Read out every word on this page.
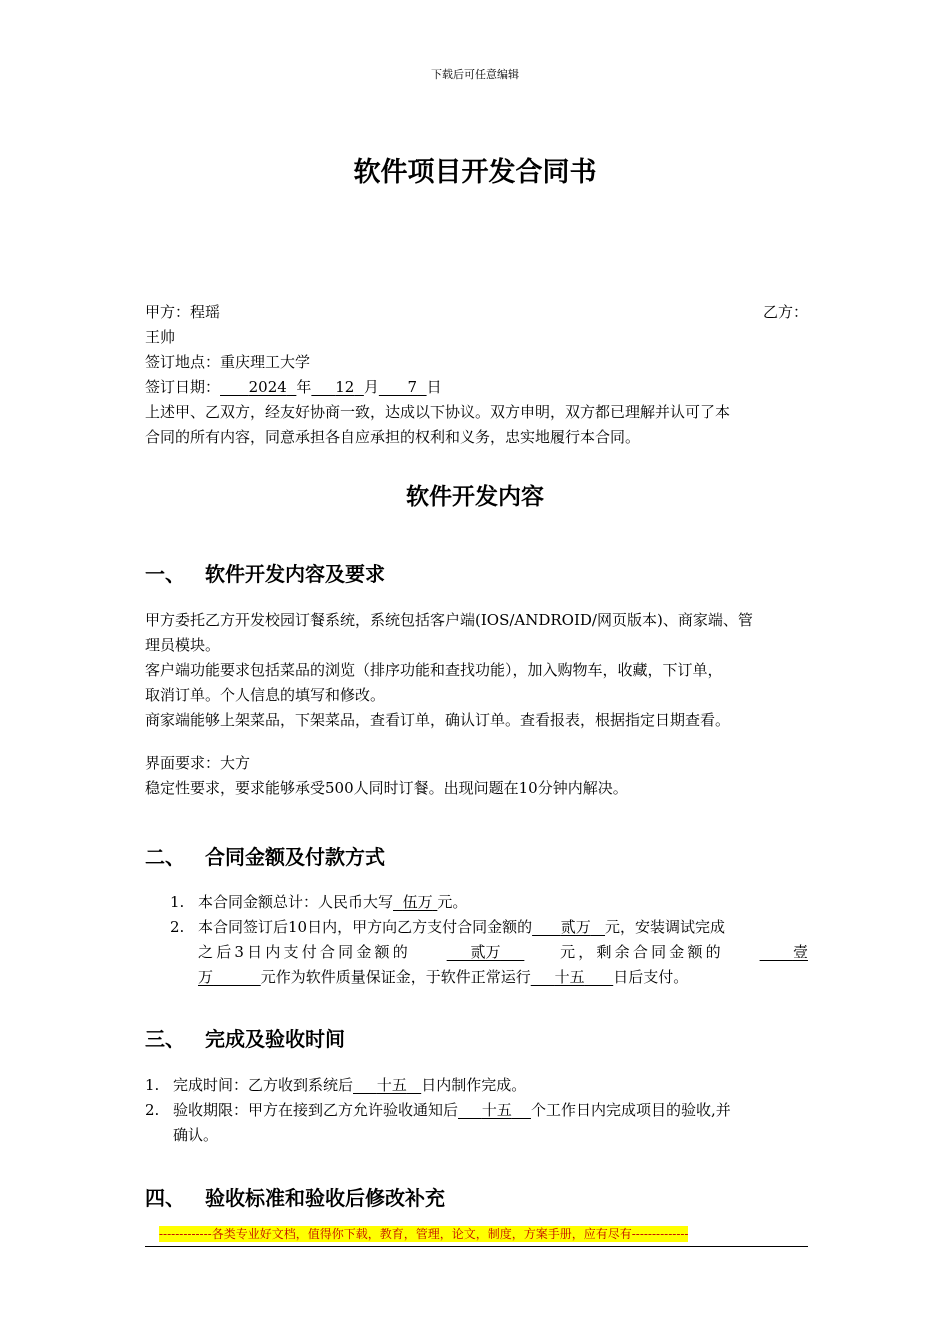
下载后可任意编辑
软件项目开发合同书
甲方：程瑶	乙方：
王帅
签订地点：重庆理工大学
签订日期： 2024 年 12 月 7 日
上述甲、乙双方，经友好协商一致，达成以下协议。双方申明，双方都已理解并认可了本
合同的所有内容，同意承担各自应承担的权利和义务，忠实地履行本合同。
软件开发内容
一、 软件开发内容及要求
甲方委托乙方开发校园订餐系统，系统包括客户端(IOS/ANDROID/网页版本)、商家端、管
理员模块。
客户端功能要求包括菜品的浏览（排序功能和查找功能），加入购物车，收藏，下订单，
取消订单。个人信息的填写和修改。
商家端能够上架菜品，下架菜品，查看订单，确认订单。查看报表，根据指定日期查看。
界面要求：大方
稳定性要求，要求能够承受500人同时订餐。出现问题在10分钟内解决。
二、 合同金额及付款方式
1. 本合同金额总计：人民币大写 伍万 元。
2. 本合同签订后10日内，甲方向乙方支付合同金额的 贰万 元，安装调试完成
之后3日内支付合同金额的	贰万	元，剩余合同金额的	壹
万	元作为软件质量保证金，于软件正常运行 十五 日后支付。
三、 完成及验收时间
1. 完成时间：乙方收到系统后 十五 日内制作完成。
2. 验收期限：甲方在接到乙方允许验收通知后 十五 个工作日内完成项目的验收,并
确认。
四、 验收标准和验收后修改补充
-------------各类专业好文档，值得你下载，教育，管理，论文，制度，方案手册，应有尽有--------------
